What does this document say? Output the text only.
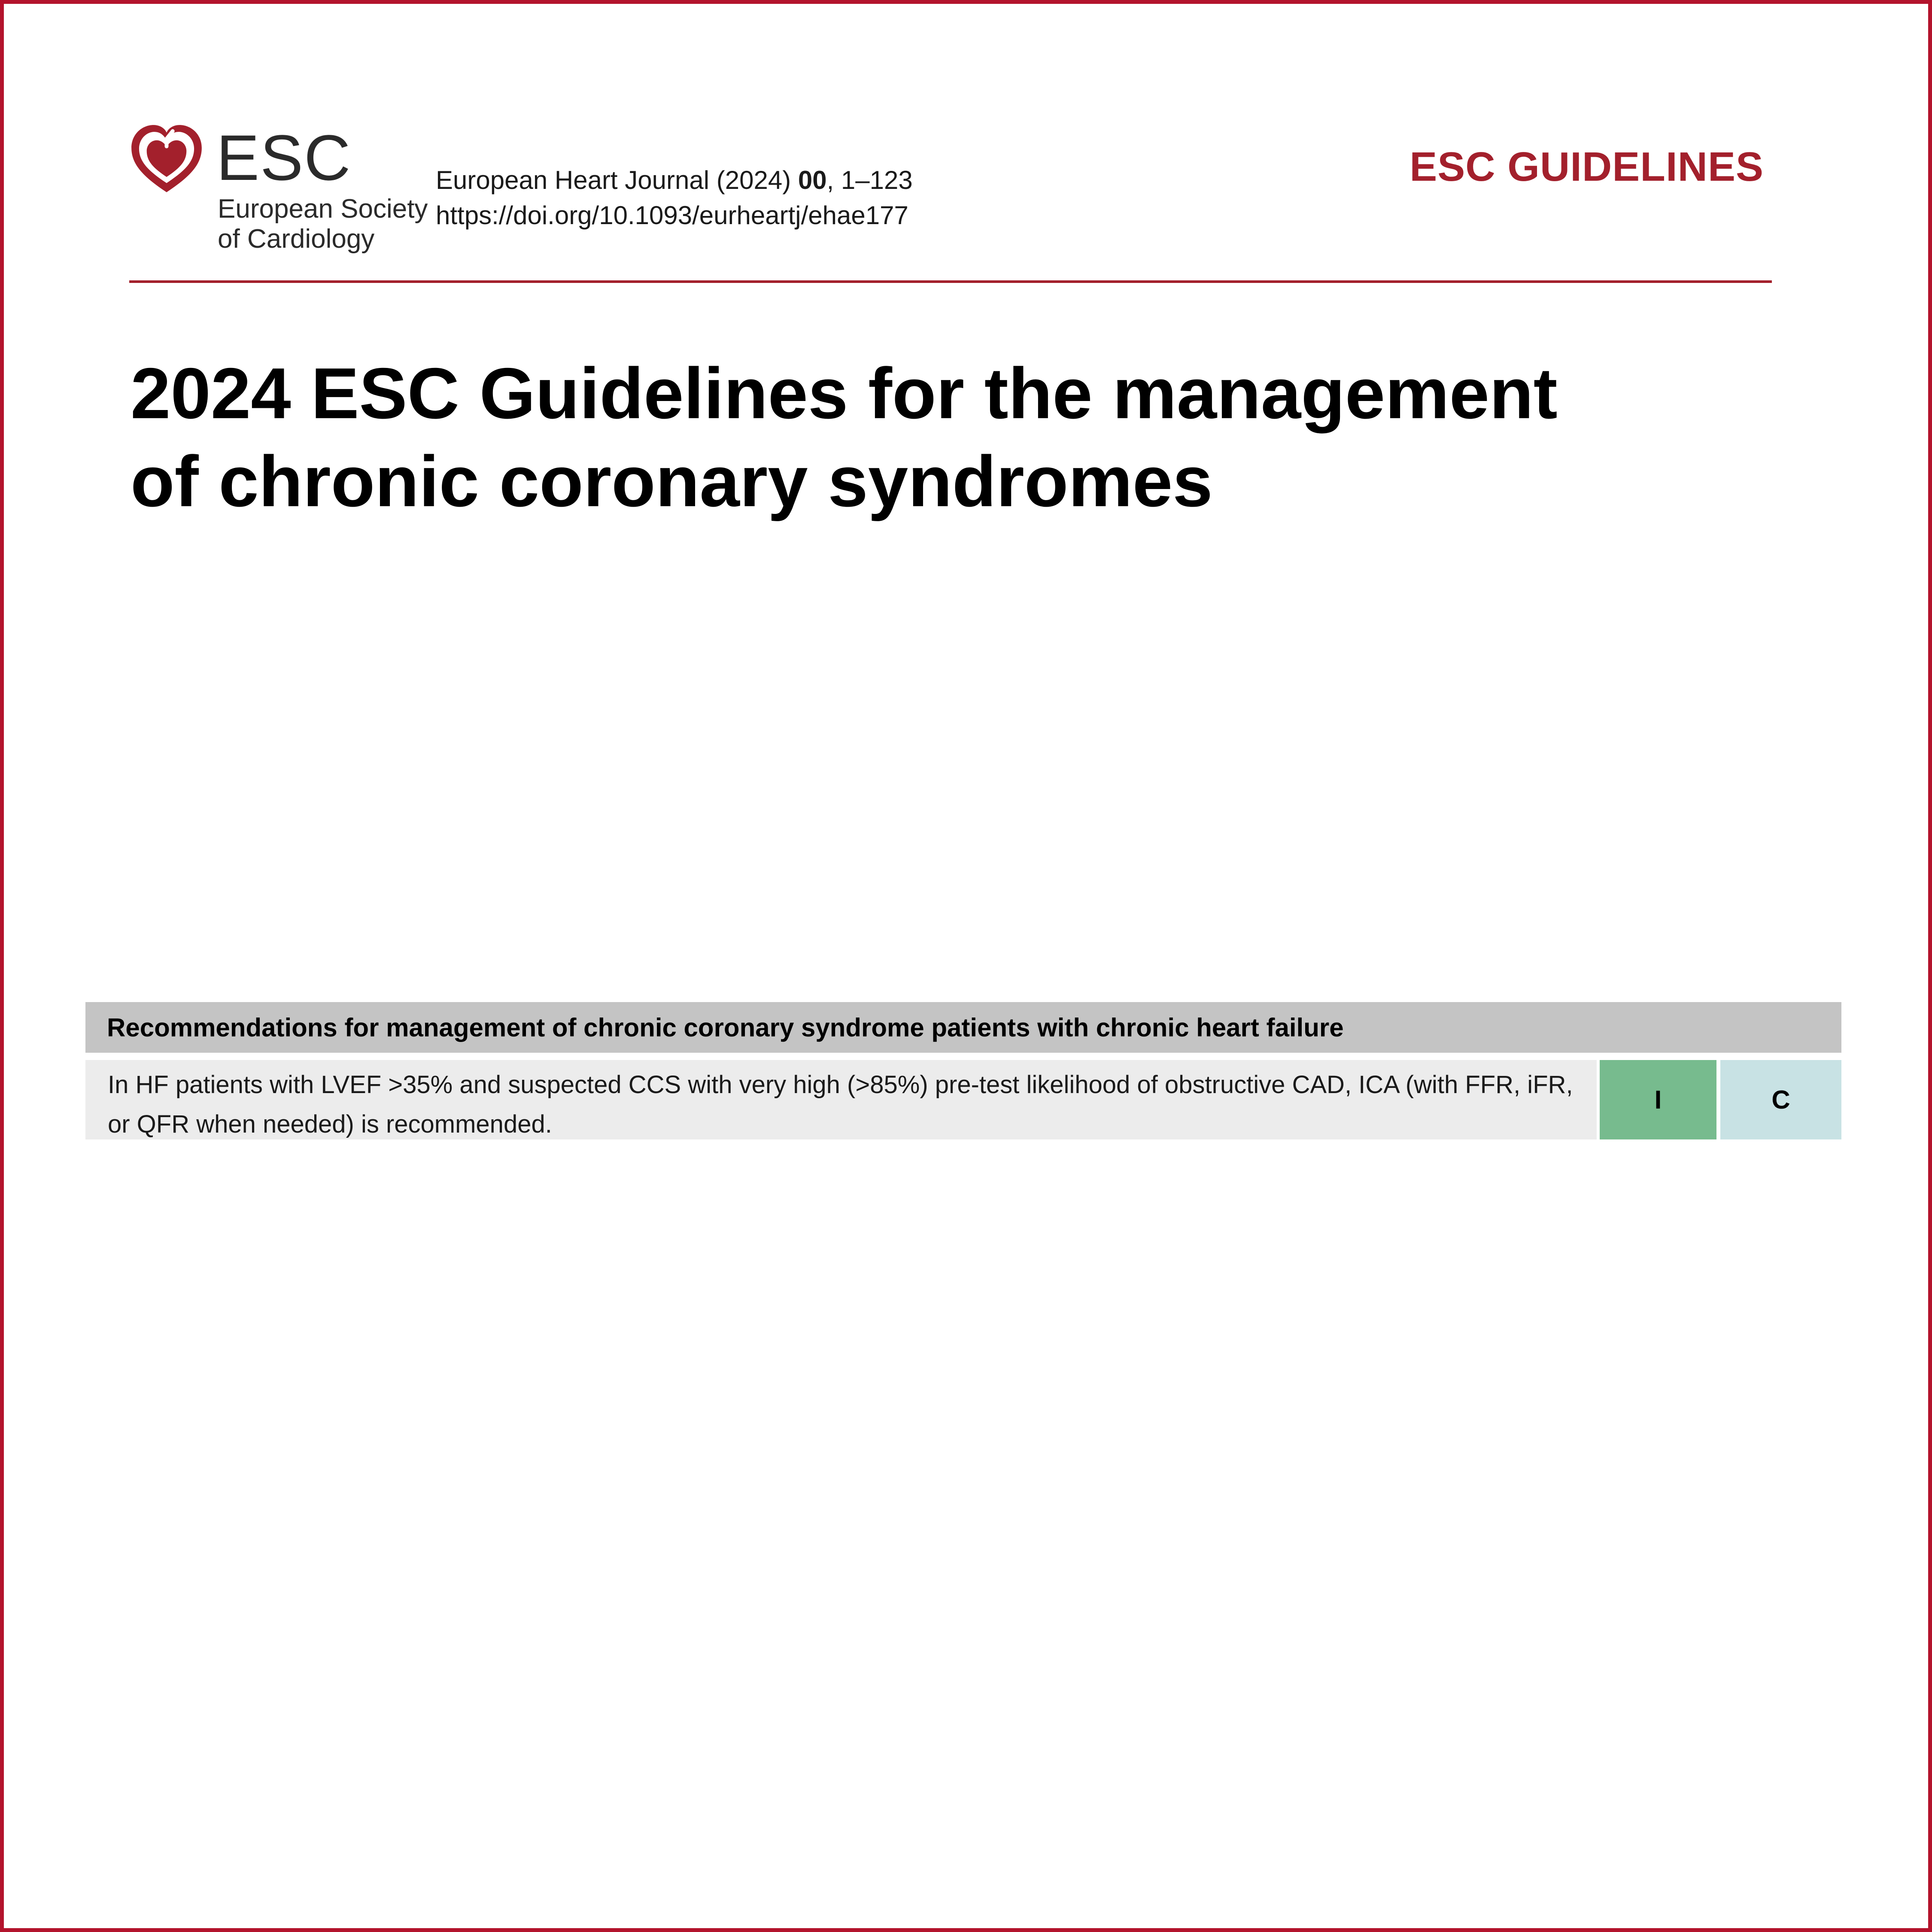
ESC
European Society
of Cardiology
European Heart Journal (2024) 00, 1–123
https://doi.org/10.1093/eurheartj/ehae177
ESC GUIDELINES
2024 ESC Guidelines for the management
of chronic coronary syndromes
Recommendations for management of chronic coronary syndrome patients with chronic heart failure
In HF patients with LVEF >35% and suspected CCS with very high (>85%) pre-test likelihood of obstructive CAD, ICA (with FFR, iFR, or QFR when needed) is recommended.
I	C
